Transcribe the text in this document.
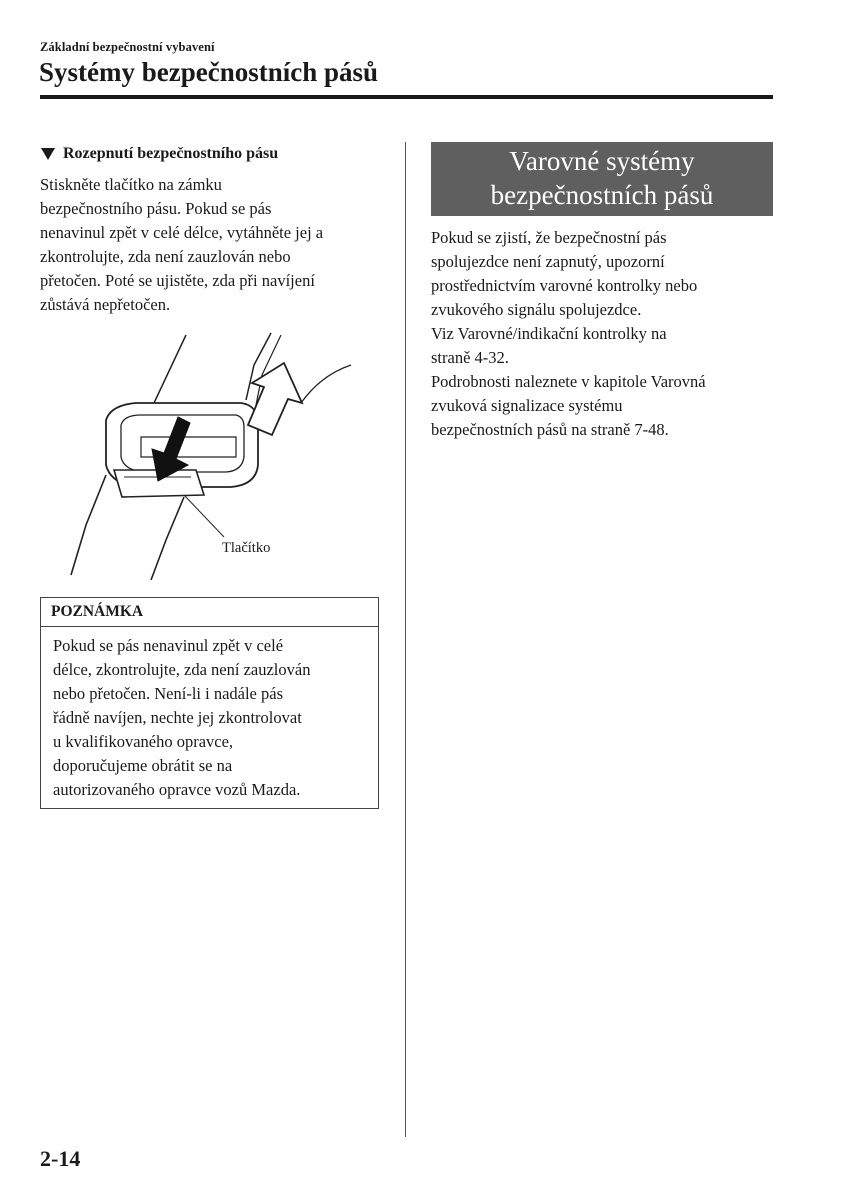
Základní bezpečnostní vybavení
Systémy bezpečnostních pásů
Rozepnutí bezpečnostního pásu

Stiskněte tlačítko na zámku
bezpečnostního pásu. Pokud se pás
nenavinul zpět v celé délce, vytáhněte jej a
zkontrolujte, zda není zauzlován nebo
přetočen. Poté se ujistěte, zda při navíjení
zůstává nepřetočen.

Tlačítko
POZNÁMKA

Pokud se pás nenavinul zpět v celé
délce, zkontrolujte, zda není zauzlován
nebo přetočen. Není-li i nadále pás
řádně navíjen, nechte jej zkontrolovat
u kvalifikovaného opravce,
doporučujeme obrátit se na
autorizovaného opravce vozů Mazda.

Varovné systémy
bezpečnostních pásů

Pokud se zjistí, že bezpečnostní pás
spolujezdce není zapnutý, upozorní
prostřednictvím varovné kontrolky nebo
zvukového signálu spolujezdce.
Viz Varovné/indikační kontrolky na
straně 4-32.
Podrobnosti naleznete v kapitole Varovná
zvuková signalizace systému
bezpečnostních pásů na straně 7-48.

2-14
